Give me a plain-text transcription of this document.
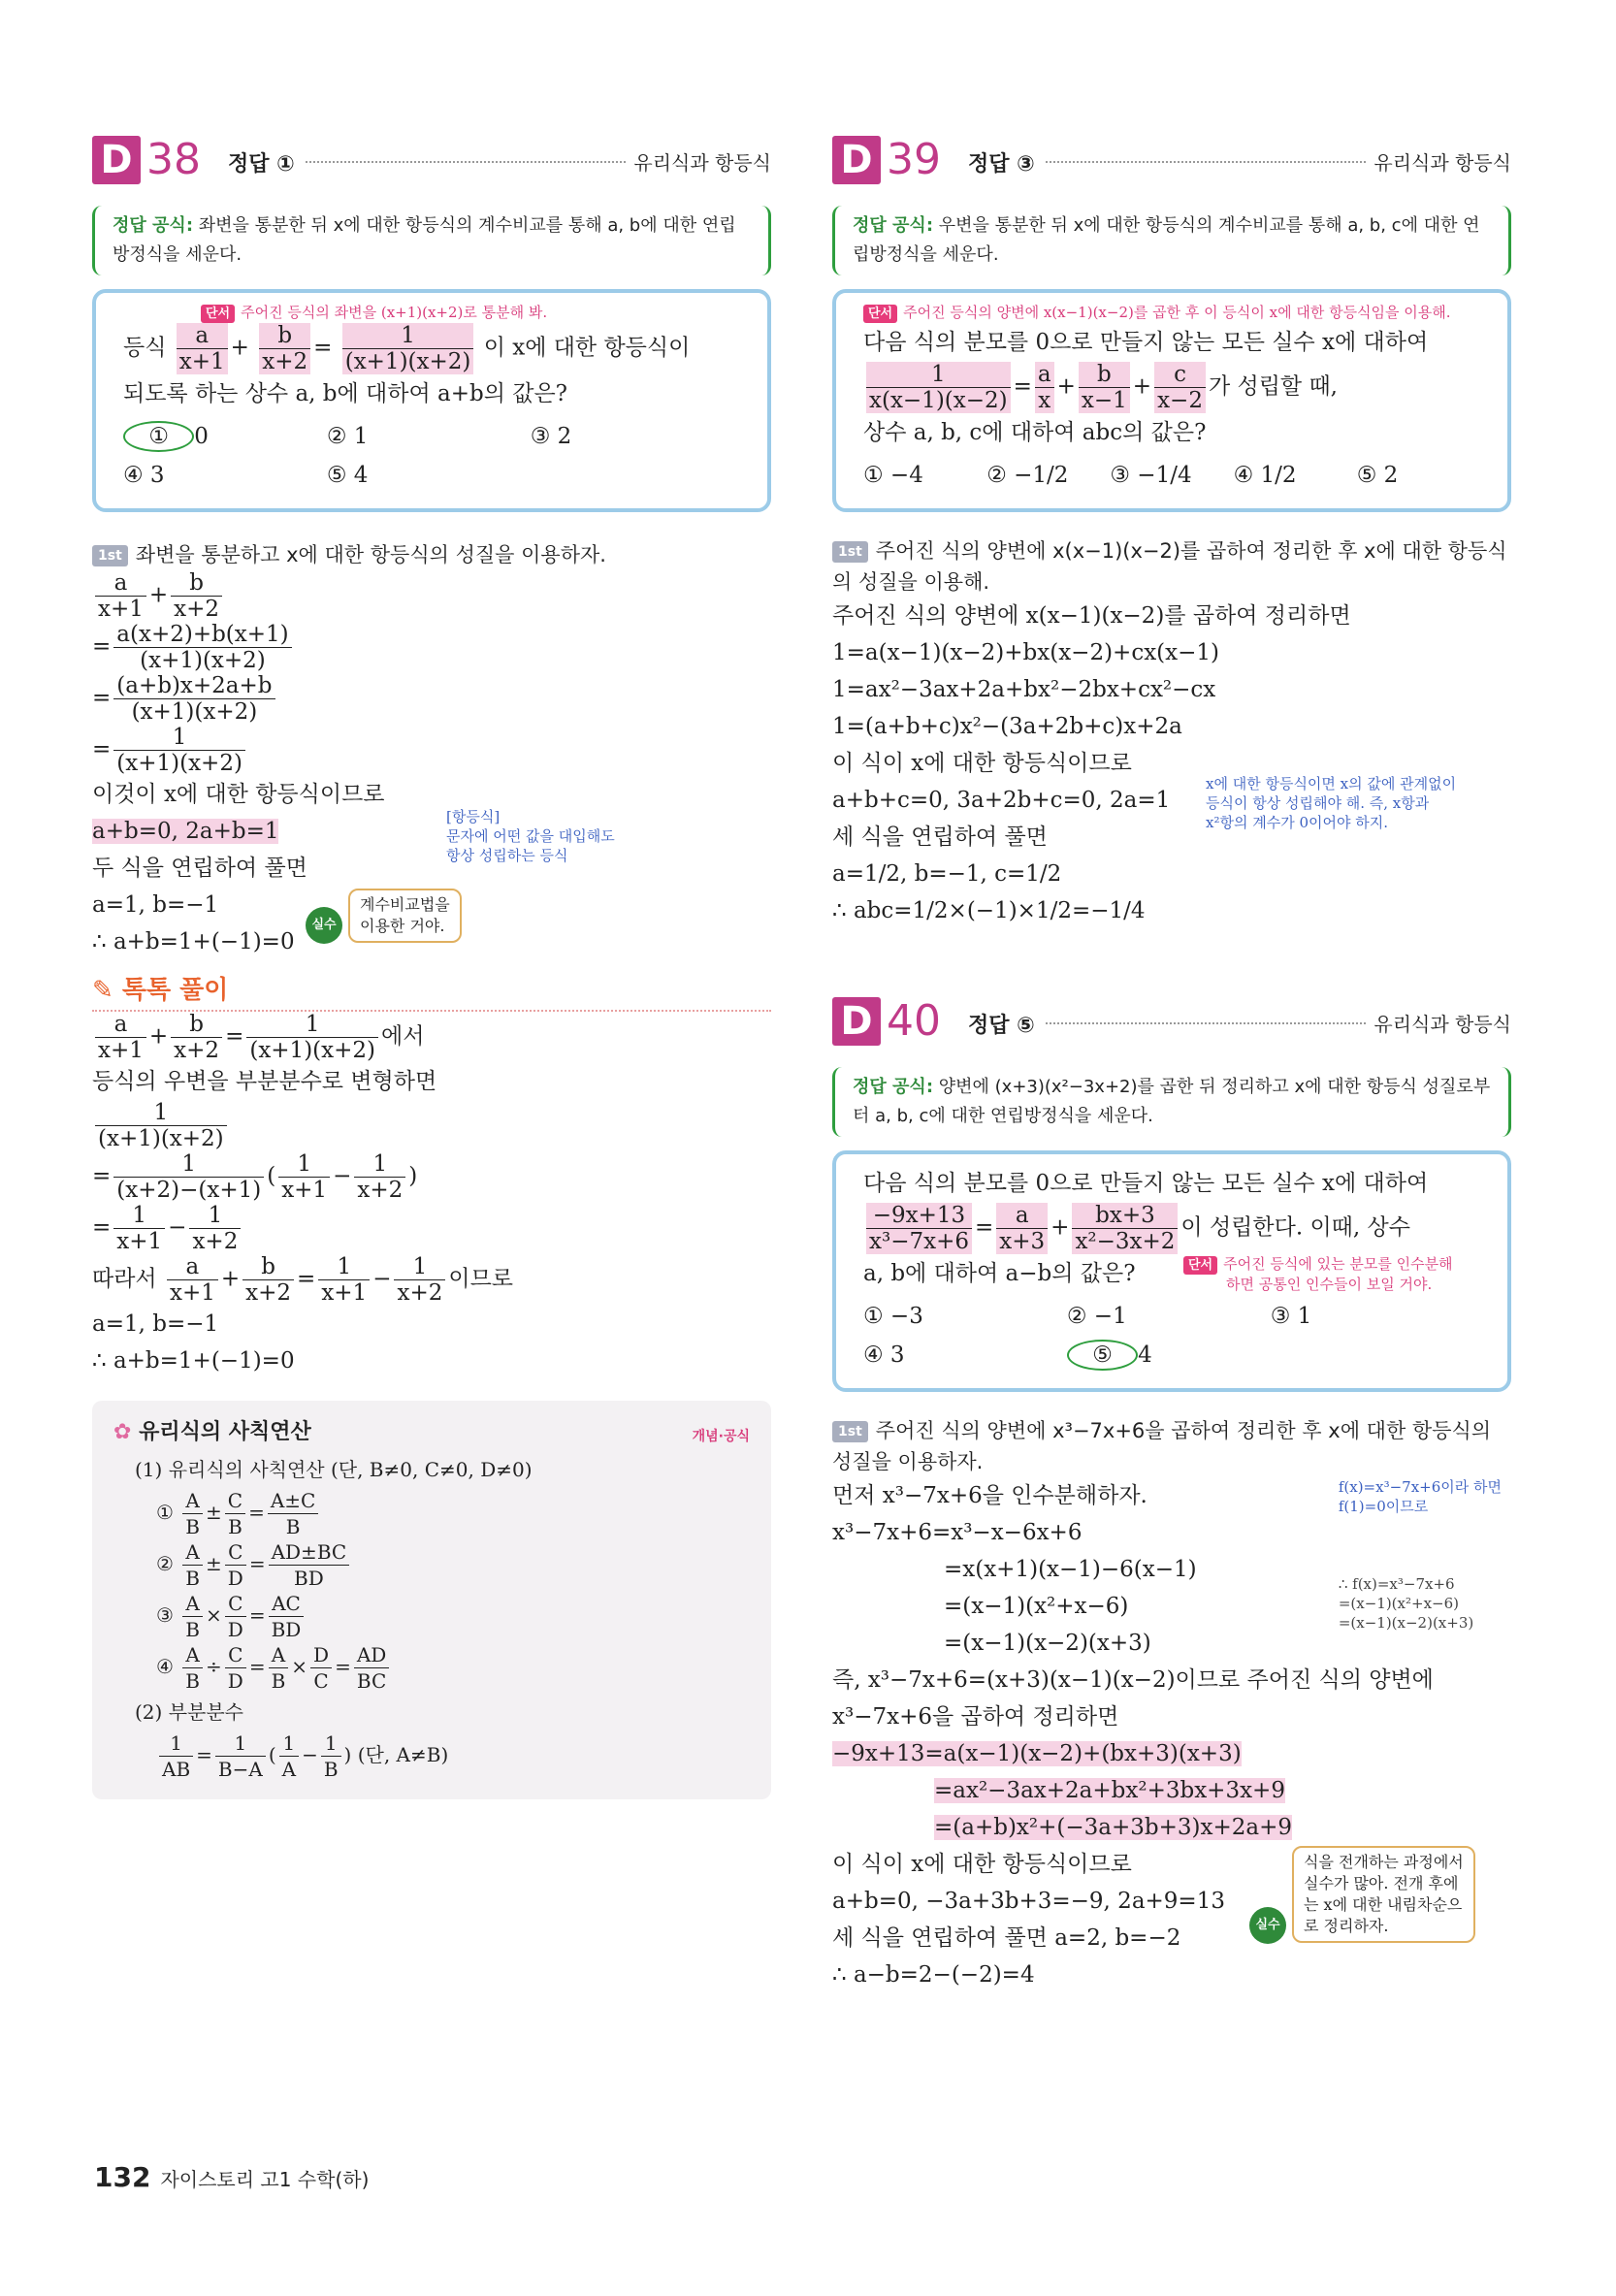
D 38 정답 ①	유리식과 항등식
정답 공식: 좌변을 통분한 뒤 x에 대한 항등식의 계수비교를 통해 a, b에 대한 연립방정식을 세운다.
단서 주어진 등식의 좌변을 (x+1)(x+2)로 통분해 봐.
등식 $\frac{a}{x+1} + \frac{b}{x+2} = \frac{1}{(x+1)(x+2)}$ 이 x에 대한 항등식이
되도록 하는 상수 a, b에 대하여 a+b의 값은?
① 0	② 1	③ 2
④ 3	⑤ 4
1st 좌변을 통분하고 x에 대한 항등식의 성질을 이용하자.
$\frac{a}{x+1} + \frac{b}{x+2}$
= $\frac{a(x+2)+b(x+1)}{(x+1)(x+2)}$
= $\frac{(a+b)x+2a+b}{(x+1)(x+2)}$
= $\frac{1}{(x+1)(x+2)}$
이것이 x에 대한 항등식이므로
a+b=0, 2a+b=1
[항등식]
문자에 어떤 값을 대입해도
항상 성립하는 등식
두 식을 연립하여 풀면
a=1, b=−1
실수계수비교법을
이용한 거야.
∴ a+b=1+(−1)=0
✎ 톡톡 풀이
$\frac{a}{x+1} + \frac{b}{x+2} = \frac{1}{(x+1)(x+2)}$ 에서
등식의 우변을 부분분수로 변형하면
$\frac{1}{(x+1)(x+2)}$
= $\frac{1}{(x+2)-(x+1)}$ ( $\frac{1}{x+1} - \frac{1}{x+2}$ )
= $\frac{1}{x+1} - \frac{1}{x+2}$
따라서 $\frac{a}{x+1} + \frac{b}{x+2} = \frac{1}{x+1} - \frac{1}{x+2}$ 이므로
a=1, b=−1
∴ a+b=1+(−1)=0
✿ 유리식의 사칙연산	개념·공식
(1) 유리식의 사칙연산 (단, B≠0, C≠0, D≠0)
① $\frac{A}{B} \pm \frac{C}{B} = \frac{A\pm C}{B}$
② $\frac{A}{B} \pm \frac{C}{D} = \frac{AD\pm BC}{BD}$
③ $\frac{A}{B} \times \frac{C}{D} = \frac{AC}{BD}$
④ $\frac{A}{B} \div \frac{C}{D} = \frac{A}{B} \times \frac{D}{C} = \frac{AD}{BC}$
(2) 부분분수
$\frac{1}{AB} = \frac{1}{B-A}$ ( $\frac{1}{A} - \frac{1}{B}$ ) (단, A≠B)
D 39 정답 ③	유리식과 항등식
정답 공식: 우변을 통분한 뒤 x에 대한 항등식의 계수비교를 통해 a, b, c에 대한 연립방정식을 세운다.
단서 주어진 등식의 양변에 x(x−1)(x−2)를 곱한 후 이 등식이 x에 대한 항등식임을 이용해.
다음 식의 분모를 0으로 만들지 않는 모든 실수 x에 대하여
$\frac{1}{x(x-1)(x-2)} = \frac{a}{x} + \frac{b}{x-1} + \frac{c}{x-2}$ 가 성립할 때,
상수 a, b, c에 대하여 abc의 값은?
① −4	② −1/2	③ −1/4	④ 1/2	⑤ 2
1st 주어진 식의 양변에 x(x−1)(x−2)를 곱하여 정리한 후 x에 대한 항등식의 성질을 이용해.
주어진 식의 양변에 x(x−1)(x−2)를 곱하여 정리하면
1=a(x−1)(x−2)+bx(x−2)+cx(x−1)
1=ax²−3ax+2a+bx²−2bx+cx²−cx
1=(a+b+c)x²−(3a+2b+c)x+2a
이 식이 x에 대한 항등식이므로
a+b+c=0, 3a+2b+c=0, 2a=1
x에 대한 항등식이면 x의 값에 관계없이
등식이 항상 성립해야 해. 즉, x항과
x²항의 계수가 0이어야 하지.
세 식을 연립하여 풀면
a=1/2, b=−1, c=1/2
∴ abc=1/2×(−1)×1/2=−1/4
D 40 정답 ⑤	유리식과 항등식
정답 공식: 양변에 (x+3)(x²−3x+2)를 곱한 뒤 정리하고 x에 대한 항등식 성질로부터 a, b, c에 대한 연립방정식을 세운다.
다음 식의 분모를 0으로 만들지 않는 모든 실수 x에 대하여
$\frac{-9x+13}{\text{x³−7x+6}} = \frac{a}{x+3} + \frac{bx+3}{\text{x²−3x+2}}$ 이 성립한다. 이때, 상수
a, b에 대하여 a−b의 값은?	단서 주어진 등식에 있는 분모를 인수분해
하면 공통인 인수들이 보일 거야.
① −3	② −1	③ 1
④ 3	⑤ 4
1st 주어진 식의 양변에 x³−7x+6을 곱하여 정리한 후 x에 대한 항등식의 성질을 이용하자.
f(x)=x³−7x+6이라 하면
f(1)=0이므로
∴ f(x)=x³−7x+6
=(x−1)(x²+x−6)
=(x−1)(x−2)(x+3)
먼저 x³−7x+6을 인수분해하자.
x³−7x+6=x³−x−6x+6
=x(x+1)(x−1)−6(x−1)
=(x−1)(x²+x−6)
=(x−1)(x−2)(x+3)
즉, x³−7x+6=(x+3)(x−1)(x−2)이므로 주어진 식의 양변에
x³−7x+6을 곱하여 정리하면
−9x+13=a(x−1)(x−2)+(bx+3)(x+3)
=ax²−3ax+2a+bx²+3bx+3x+9
=(a+b)x²+(−3a+3b+3)x+2a+9
이 식이 x에 대한 항등식이므로
실수식을 전개하는 과정에서
실수가 많아. 전개 후에
는 x에 대한 내림차순으
로 정리하자.
a+b=0, −3a+3b+3=−9, 2a+9=13
세 식을 연립하여 풀면 a=2, b=−2
∴ a−b=2−(−2)=4
132 자이스토리 고1 수학(하)
